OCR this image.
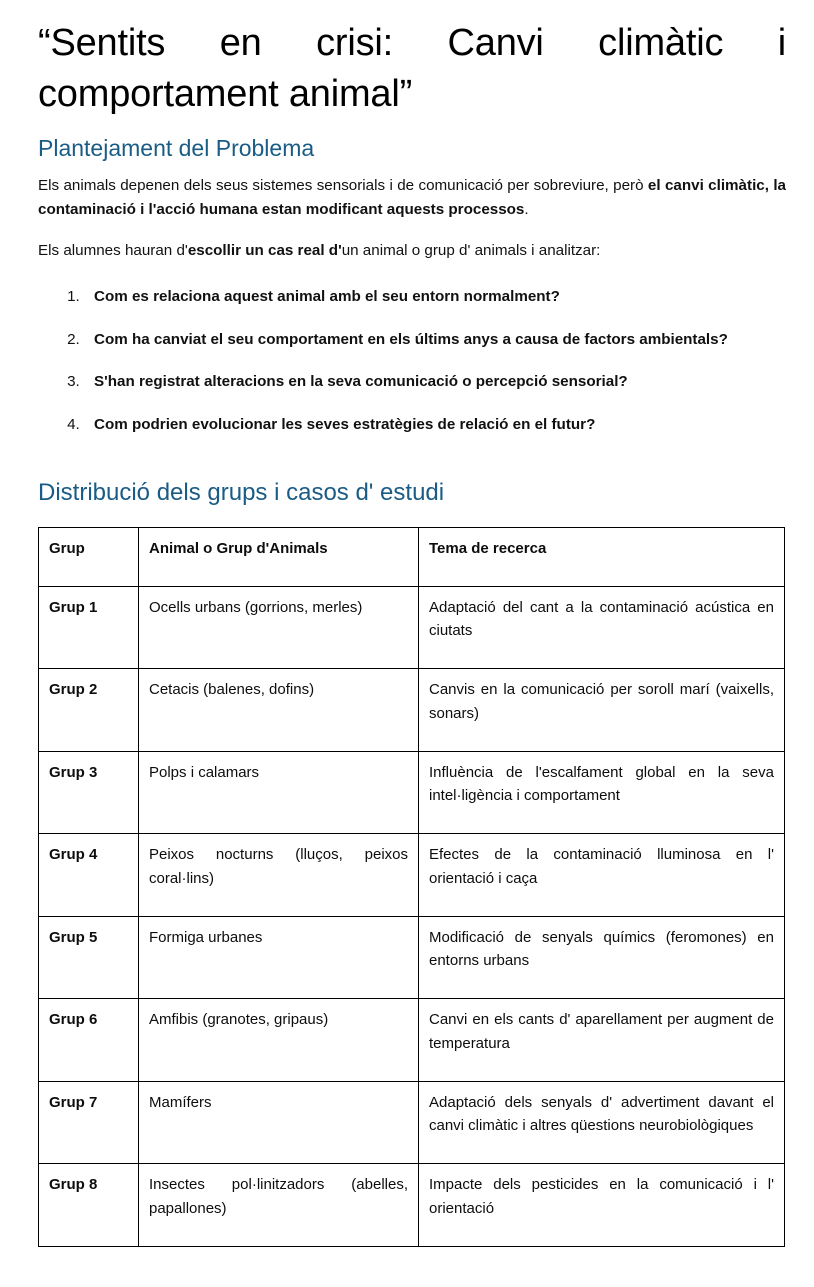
“Sentits en crisi: Canvi climàtic i comportament animal”
Plantejament del Problema

Els animals depenen dels seus sistemes sensorials i de comunicació per sobreviure, però el canvi climàtic, la contaminació i l'acció humana estan modificant aquests processos.

Els alumnes hauran d'escollir un cas real d'un animal o grup d' animals i analitzar:

1. Com es relaciona aquest animal amb el seu entorn normalment?
2. Com ha canviat el seu comportament en els últims anys a causa de factors ambientals?
3. S'han registrat alteracions en la seva comunicació o percepció sensorial?
4. Com podrien evolucionar les seves estratègies de relació en el futur?
Distribució dels grups i casos d' estudi
Grup	Animal o Grup d'Animals	Tema de recerca
Grup 1	Ocells urbans (gorrions, merles)	Adaptació del cant a la contaminació acústica en ciutats
Grup 2	Cetacis (balenes, dofins)	Canvis en la comunicació per soroll marí (vaixells, sonars)
Grup 3	Polps i calamars	Influència de l'escalfament global en la seva intel·ligència i comportament
Grup 4	Peixos nocturns (lluços, peixos coral·lins)	Efectes de la contaminació lluminosa en l' orientació i caça
Grup 5	Formiga urbanes	Modificació de senyals químics (feromones) en entorns urbans
Grup 6	Amfibis (granotes, gripaus)	Canvi en els cants d' aparellament per augment de temperatura
Grup 7	Mamífers	Adaptació dels senyals d' advertiment davant el canvi climàtic i altres qüestions neurobiològiques
Grup 8	Insectes pol·linitzadors (abelles, papallones)	Impacte dels pesticides en la comunicació i l' orientació
